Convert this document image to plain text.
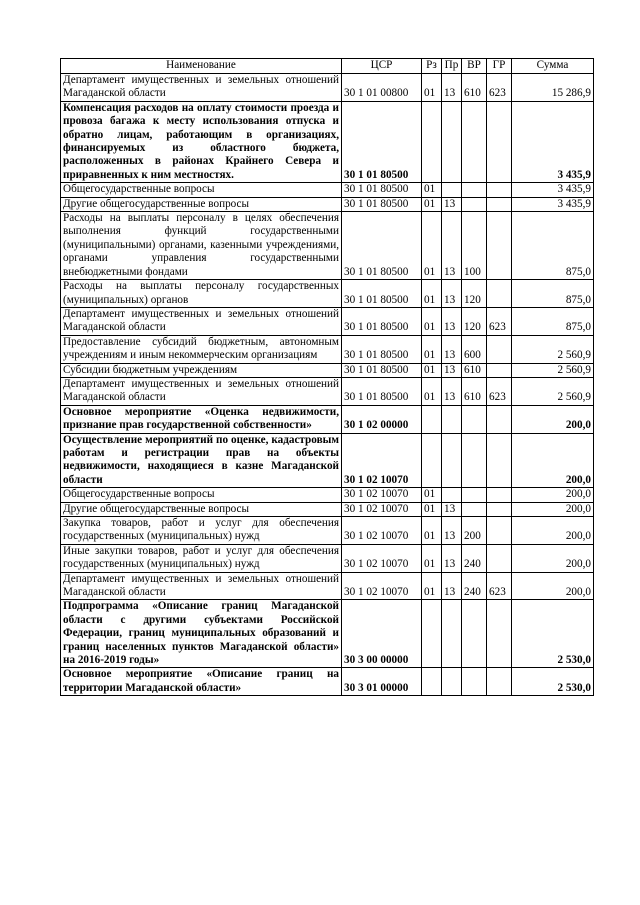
Наименование	ЦСР	Рз	Пр	ВР	ГР	Сумма
Департамент имущественных и земельных отношений Магаданской области	30 1 01 00800	01	13	610	623	15 286,9
Компенсация расходов на оплату стоимости проезда и провоза багажа к месту использования отпуска и обратно лицам, работающим в организациях, финансируемых из областного бюджета, расположенных в районах Крайнего Севера и приравненных к ним местностях.	30 1 01 80500					3 435,9
Общегосударственные вопросы	30 1 01 80500	01				3 435,9
Другие общегосударственные вопросы	30 1 01 80500	01	13			3 435,9
Расходы на выплаты персоналу в целях обеспечения выполнения функций государственными (муниципальными) органами, казенными учреждениями, органами управления государственными внебюджетными фондами	30 1 01 80500	01	13	100		875,0
Расходы на выплаты персоналу государственных (муниципальных) органов	30 1 01 80500	01	13	120		875,0
Департамент имущественных и земельных отношений Магаданской области	30 1 01 80500	01	13	120	623	875,0
Предоставление субсидий бюджетным, автономным учреждениям и иным некоммерческим организациям	30 1 01 80500	01	13	600		2 560,9
Субсидии бюджетным учреждениям	30 1 01 80500	01	13	610		2 560,9
Департамент имущественных и земельных отношений Магаданской области	30 1 01 80500	01	13	610	623	2 560,9
Основное мероприятие «Оценка недвижимости, признание прав государственной собственности»	30 1 02 00000					200,0
Осуществление мероприятий по оценке, кадастровым работам и регистрации прав на объекты недвижимости, находящиеся в казне Магаданской области	30 1 02 10070					200,0
Общегосударственные вопросы	30 1 02 10070	01				200,0
Другие общегосударственные вопросы	30 1 02 10070	01	13			200,0
Закупка товаров, работ и услуг для обеспечения государственных (муниципальных) нужд	30 1 02 10070	01	13	200		200,0
Иные закупки товаров, работ и услуг для обеспечения государственных (муниципальных) нужд	30 1 02 10070	01	13	240		200,0
Департамент имущественных и земельных отношений Магаданской области	30 1 02 10070	01	13	240	623	200,0
Подпрограмма «Описание границ Магаданской области с другими субъектами Российской Федерации, границ муниципальных образований и границ населенных пунктов Магаданской области» на 2016-2019 годы»	30 3 00 00000					2 530,0
Основное мероприятие «Описание границ на территории Магаданской области»	30 3 01 00000					2 530,0
